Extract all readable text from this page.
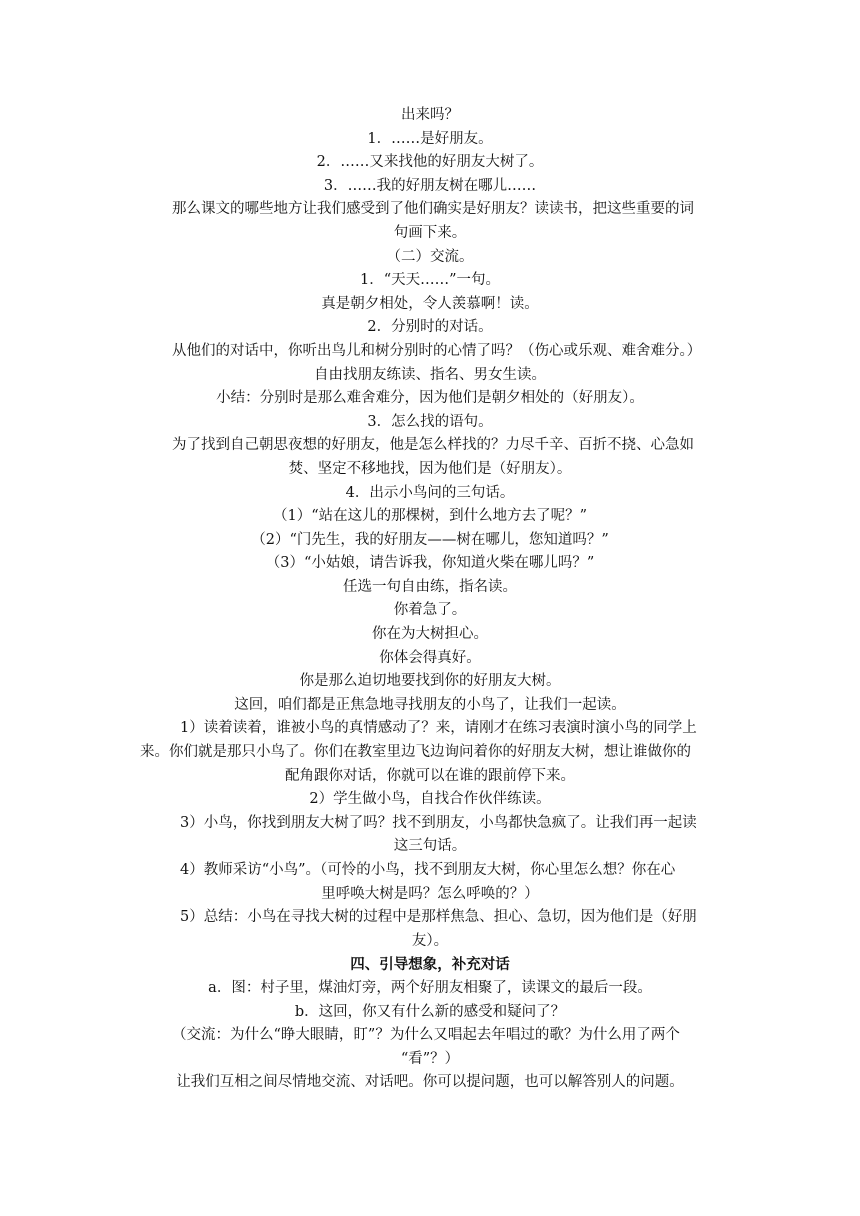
出来吗？
1．……是好朋友。
2．……又来找他的好朋友大树了。
3．……我的好朋友树在哪儿……
那么课文的哪些地方让我们感受到了他们确实是好朋友？读读书，把这些重要的词
句画下来。
（二）交流。
1．“天天……”一句。
真是朝夕相处，令人羡慕啊！读。
2．分别时的对话。
从他们的对话中，你听出鸟儿和树分别时的心情了吗？（伤心或乐观、难舍难分。）
自由找朋友练读、指名、男女生读。
小结：分别时是那么难舍难分，因为他们是朝夕相处的（好朋友）。
3．怎么找的语句。
为了找到自己朝思夜想的好朋友，他是怎么样找的？力尽千辛、百折不挠、心急如
焚、坚定不移地找，因为他们是（好朋友）。
4．出示小鸟问的三句话。
（1）“站在这儿的那棵树，到什么地方去了呢？”
（2）“门先生，我的好朋友——树在哪儿，您知道吗？”
（3）“小姑娘，请告诉我，你知道火柴在哪儿吗？”
任选一句自由练，指名读。
你着急了。
你在为大树担心。
你体会得真好。
你是那么迫切地要找到你的好朋友大树。
这回，咱们都是正焦急地寻找朋友的小鸟了，让我们一起读。
1）读着读着，谁被小鸟的真情感动了？来，请刚才在练习表演时演小鸟的同学上
来。你们就是那只小鸟了。你们在教室里边飞边询问着你的好朋友大树，想让谁做你的
配角跟你对话，你就可以在谁的跟前停下来。
2）学生做小鸟，自找合作伙伴练读。
3）小鸟，你找到朋友大树了吗？找不到朋友，小鸟都快急疯了。让我们再一起读
这三句话。
4）教师采访“小鸟”。（可怜的小鸟，找不到朋友大树，你心里怎么想？你在心
里呼唤大树是吗？怎么呼唤的？）
5）总结：小鸟在寻找大树的过程中是那样焦急、担心、急切，因为他们是（好朋
友）。
四、引导想象，补充对话
a．图：村子里，煤油灯旁，两个好朋友相聚了，读课文的最后一段。
b．这回，你又有什么新的感受和疑问了？
（交流：为什么“睁大眼睛，盯”？为什么又唱起去年唱过的歌？为什么用了两个
“看”？）
让我们互相之间尽情地交流、对话吧。你可以提问题，也可以解答别人的问题。
